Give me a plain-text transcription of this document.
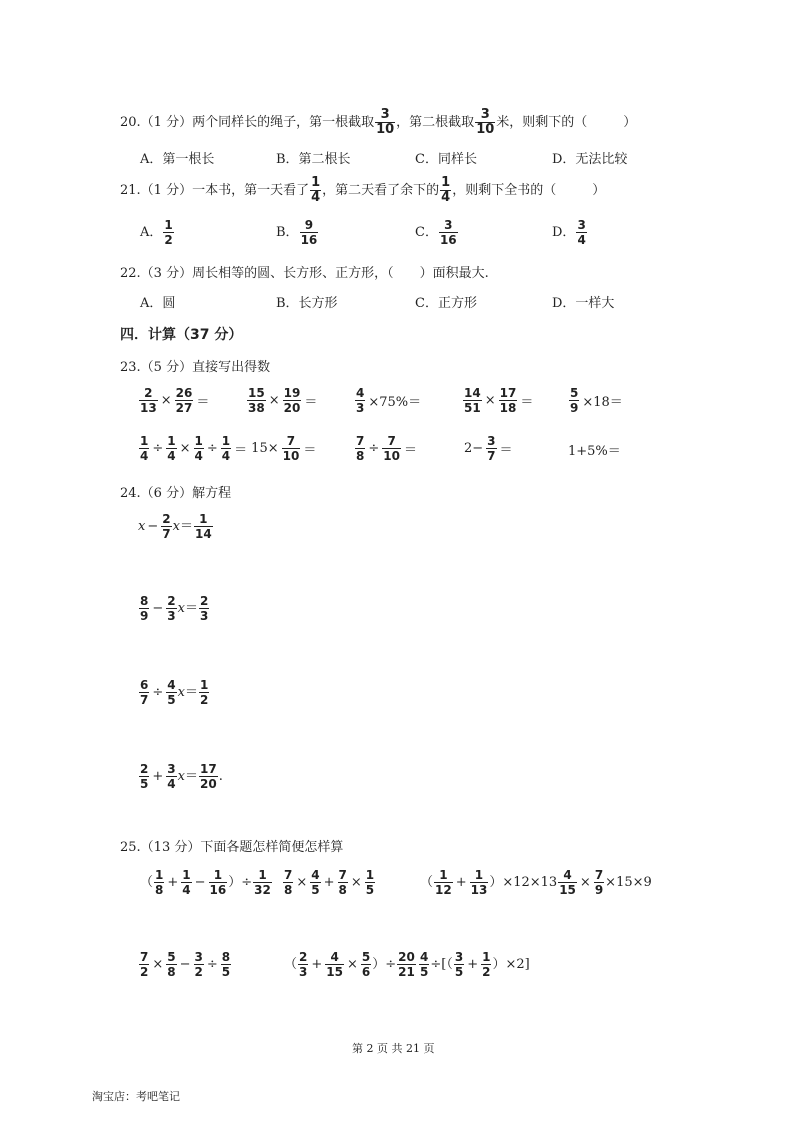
20.（1 分）两个同样长的绳子，第一根截取 $\frac{3}{10}$ ，第二根截取 $\frac{3}{10}$ 米，则剩下的（	）
A．第一根长	B．第二根长	C．同样长	D．无法比较
21.（1 分）一本书，第一天看了 $\frac{1}{4}$ ，第二天看了余下的 $\frac{1}{4}$ ，则剩下全书的（	）
A． $\frac{1}{2}$	B． $\frac{9}{16}$	C． $\frac{3}{16}$	D． $\frac{3}{4}$
22.（3 分）周长相等的圆、长方形、正方形，（　　）面积最大.
A．圆	B．长方形	C．正方形	D．一样大
四．计算（37 分）
23.（5 分）直接写出得数
$\frac{2}{13} \times \frac{26}{27}$ ＝	$\frac{15}{38} \times \frac{19}{20}$ ＝	$\frac{4}{3} \times 75\%=$	$\frac{14}{51} \times \frac{17}{18}$ ＝	$\frac{5}{9} \times 18=$
$\frac{1}{4} \div \frac{1}{4} \times \frac{1}{4} \div \frac{1}{4} = 15\times \frac{7}{10}$ ＝	$\frac{7}{8} \div \frac{7}{10}$ ＝	$2- \frac{3}{7}$ ＝	1+5%＝
24.（6 分）解方程
$x - \frac{2}{7} x= \frac{1}{14}$
$\frac{8}{9} - \frac{2}{3} x= \frac{2}{3}$
$\frac{6}{7} \div \frac{4}{5} x= \frac{1}{2}$
$\frac{2}{5} + \frac{3}{4} x= \frac{17}{20}$ .
25.（13 分）下面各题怎样简便怎样算
（ $\frac{1}{8} + \frac{1}{4} - \frac{1}{16}$ ）÷ $\frac{1}{32} \frac{7}{8} \times \frac{4}{5} + \frac{7}{8} \times \frac{1}{5}$	（ $\frac{1}{12} + \frac{1}{13} )\times 12\times 13 \frac{4}{15} \times \frac{7}{9} \times 15\times 9$
$\frac{7}{2} \times \frac{5}{8} - \frac{3}{2} \div \frac{8}{5}$	（ $\frac{2}{3} + \frac{4}{15} \times \frac{5}{6}$ ）÷ $\frac{20}{21} \frac{4}{5}$ ÷[（ $\frac{3}{5} + \frac{1}{2} )\times 2$]
第 2 页 共 21 页
淘宝店：考吧笔记
